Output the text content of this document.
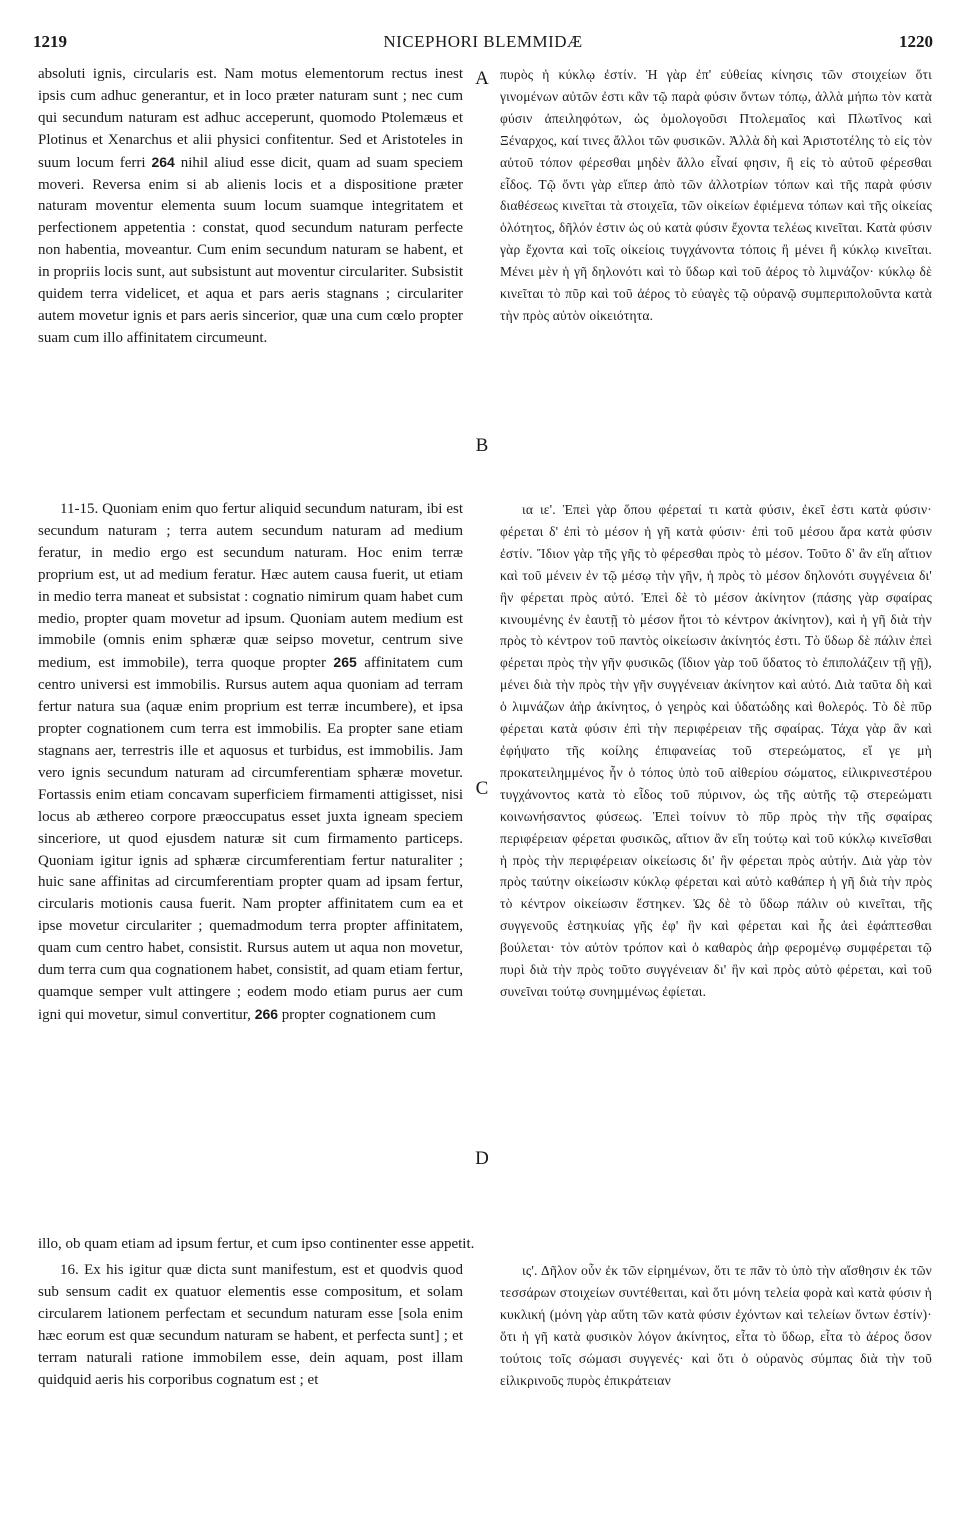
1219	NICEPHORI BLEMMIDÆ	1220

absoluti ignis, circularis est. Nam motus elementorum rectus inest ipsis cum adhuc generantur, et in loco præter naturam sunt ; nec cum qui secundum naturam est adhuc acceperunt, quomodo Ptolemæus et Plotinus et Xenarchus et alii physici confitentur. Sed et Aristoteles in suum locum ferri 264 nihil aliud esse dicit, quam ad suam speciem moveri. Reversa enim si ab alienis locis et a dispositione præter naturam moventur elementa suum locum suamque integritatem et perfectionem appetentia : constat, quod secundum naturam perfecte non habentia, moveantur. Cum enim secundum naturam se habent, et in propriis locis sunt, aut subsistunt aut moventur circulariter. Subsistit quidem terra videlicet, et aqua et pars aeris stagnans ; circulariter autem movetur ignis et pars aeris sincerior, quæ una cum cœlo propter suam cum illo affinitatem circumeunt.

11-15. Quoniam enim quo fertur aliquid secundum naturam, ibi est secundum naturam ; terra autem secundum naturam ad medium feratur, in medio ergo est secundum naturam. Hoc enim terræ proprium est, ut ad medium feratur. Hæc autem causa fuerit, ut etiam in medio terra maneat et subsistat : cognatio nimirum quam habet cum medio, propter quam movetur ad ipsum. Quoniam autem medium est immobile (omnis enim sphæræ quæ seipso movetur, centrum sive medium, est immobile), terra quoque propter 265 affinitatem cum centro universi est immobilis. Rursus autem aqua quoniam ad terram fertur natura sua (aquæ enim proprium est terræ incumbere), et ipsa propter cognationem cum terra est immobilis. Ea propter sane etiam stagnans aer, terrestris ille et aquosus et turbidus, est immobilis. Jam vero ignis secundum naturam ad circumferentiam sphæræ movetur. Fortassis enim etiam concavam superficiem firmamenti attigisset, nisi locus ab æthereo corpore præoccupatus esset juxta igneam speciem sinceriore, ut quod ejusdem naturæ sit cum firmamento particeps. Quoniam igitur ignis ad sphæræ circumferentiam fertur naturaliter ; huic sane affinitas ad circumferentiam propter quam ad ipsam fertur, circularis motionis causa fuerit. Nam propter affinitatem cum ea et ipse movetur circulariter ; quemadmodum terra propter affinitatem, quam cum centro habet, consistit. Rursus autem ut aqua non movetur, dum terra cum qua cognationem habet, consistit, ad quam etiam fertur, quamque semper vult attingere ; eodem modo etiam purus aer cum igni qui movetur, simul convertitur, 266 propter cognationem cum

illo, ob quam etiam ad ipsum fertur, et cum ipso continenter esse appetit.

16. Ex his igitur quæ dicta sunt manifestum, est et quodvis quod sub sensum cadit ex quatuor elementis esse compositum, et solam circularem lationem perfectam et secundum naturam esse [sola enim hæc eorum est quæ secundum naturam se habent, et perfecta sunt] ; et terram naturali ratione immobilem esse, dein aquam, post illam quidquid aeris his corporibus cognatum est ; et

A
B
C
D

πυρὸς ἡ κύκλῳ ἐστίν. Ἡ γὰρ ἐπ' εὐθείας κίνησις τῶν στοιχείων ὅτι γινομένων αὐτῶν ἐστι κἂν τῷ παρὰ φύσιν ὄντων τόπῳ, ἀλλὰ μήπω τὸν κατὰ φύσιν ἀπειληφότων, ὡς ὁμολογοῦσι Πτολεμαῖος καὶ Πλωτῖνος καὶ Ξέναρχος, καί τινες ἄλλοι τῶν φυσικῶν. Ἀλλὰ δὴ καὶ Ἀριστοτέλης τὸ εἰς τὸν αὐτοῦ τόπον φέρεσθαι μηδὲν ἄλλο εἶναί φησιν, ἢ εἰς τὸ αὐτοῦ φέρεσθαι εἶδος. Τῷ ὄντι γὰρ εἴπερ ἀπὸ τῶν ἀλλοτρίων τόπων καὶ τῆς παρὰ φύσιν διαθέσεως κινεῖται τὰ στοιχεῖα, τῶν οἰκείων ἐφιέμενα τόπων καὶ τῆς οἰκείας ὁλότητος, δῆλόν ἐστιν ὡς οὐ κατὰ φύσιν ἔχοντα τελέως κινεῖται. Κατὰ φύσιν γὰρ ἔχοντα καὶ τοῖς οἰκείοις τυγχάνοντα τόποις ἢ μένει ἢ κύκλῳ κινεῖται. Μένει μὲν ἡ γῆ δηλονότι καὶ τὸ ὕδωρ καὶ τοῦ ἀέρος τὸ λιμνάζον· κύκλῳ δὲ κινεῖται τὸ πῦρ καὶ τοῦ ἀέρος τὸ εὐαγὲς τῷ οὐρανῷ συμπεριπολοῦντα κατὰ τὴν πρὸς αὐτὸν οἰκειότητα.

ια ιε'. Ἐπεὶ γὰρ ὅπου φέρεταί τι κατὰ φύσιν, ἐκεῖ ἐστι κατὰ φύσιν· φέρεται δ' ἐπὶ τὸ μέσον ἡ γῆ κατὰ φύσιν· ἐπὶ τοῦ μέσου ἄρα κατὰ φύσιν ἐστίν. Ἴδιον γὰρ τῆς γῆς τὸ φέρεσθαι πρὸς τὸ μέσον. Τοῦτο δ' ἂν εἴη αἴτιον καὶ τοῦ μένειν ἐν τῷ μέσῳ τὴν γῆν, ἡ πρὸς τὸ μέσον δηλονότι συγγένεια δι' ἣν φέρεται πρὸς αὐτό. Ἐπεὶ δὲ τὸ μέσον ἀκίνητον (πάσης γὰρ σφαίρας κινουμένης ἐν ἑαυτῇ τὸ μέσον ἤτοι τὸ κέντρον ἀκίνητον), καὶ ἡ γῆ διὰ τὴν πρὸς τὸ κέντρον τοῦ παντὸς οἰκείωσιν ἀκίνητός ἐστι. Τὸ ὕδωρ δὲ πάλιν ἐπεὶ φέρεται πρὸς τὴν γῆν φυσικῶς (ἴδιον γὰρ τοῦ ὕδατος τὸ ἐπιπολάζειν τῇ γῇ), μένει διὰ τὴν πρὸς τὴν γῆν συγγένειαν ἀκίνητον καὶ αὐτό. Διὰ ταῦτα δὴ καὶ ὁ λιμνάζων ἀὴρ ἀκίνητος, ὁ γεηρὸς καὶ ὑδατώδης καὶ θολερός. Τὸ δὲ πῦρ φέρεται κατὰ φύσιν ἐπὶ τὴν περιφέρειαν τῆς σφαίρας. Τάχα γὰρ ἂν καὶ ἐφήψατο τῆς κοίλης ἐπιφανείας τοῦ στερεώματος, εἴ γε μὴ προκατειλημμένος ἦν ὁ τόπος ὑπὸ τοῦ αἰθερίου σώματος, εἰλικρινεστέρου τυγχάνοντος κατὰ τὸ εἶδος τοῦ πύρινον, ὡς τῆς αὐτῆς τῷ στερεώματι κοινωνήσαντος φύσεως. Ἐπεὶ τοίνυν τὸ πῦρ πρὸς τὴν τῆς σφαίρας περιφέρειαν φέρεται φυσικῶς, αἴτιον ἂν εἴη τούτῳ καὶ τοῦ κύκλῳ κινεῖσθαι ἡ πρὸς τὴν περιφέρειαν οἰκείωσις δι' ἣν φέρεται πρὸς αὐτήν. Διὰ γὰρ τὸν πρὸς ταύτην οἰκείωσιν κύκλῳ φέρεται καὶ αὐτὸ καθάπερ ἡ γῆ διὰ τὴν πρὸς τὸ κέντρον οἰκείωσιν ἕστηκεν. Ὡς δὲ τὸ ὕδωρ πάλιν οὐ κινεῖται, τῆς συγγενοῦς ἑστηκυίας γῆς ἐφ' ἣν καὶ φέρεται καὶ ἧς ἀεὶ ἐφάπτεσθαι βούλεται· τὸν αὐτὸν τρόπον καὶ ὁ καθαρὸς ἀὴρ φερομένῳ συμφέρεται τῷ πυρὶ διὰ τὴν πρὸς τοῦτο συγγένειαν δι' ἣν καὶ πρὸς αὐτὸ φέρεται, καὶ τοῦ συνεῖναι τούτῳ συνημμένως ἐφίεται.

ις'. Δῆλον οὖν ἐκ τῶν εἰρημένων, ὅτι τε πᾶν τὸ ὑπὸ τὴν αἴσθησιν ἐκ τῶν τεσσάρων στοιχείων συντέθειται, καὶ ὅτι μόνη τελεία φορὰ καὶ κατὰ φύσιν ἡ κυκλική (μόνη γὰρ αὕτη τῶν κατὰ φύσιν ἐχόντων καὶ τελείων ὄντων ἐστίν)· ὅτι ἡ γῆ κατὰ φυσικὸν λόγον ἀκίνητος, εἶτα τὸ ὕδωρ, εἶτα τὸ ἀέρος ὅσον τούτοις τοῖς σώμασι συγγενές· καὶ ὅτι ὁ οὐρανὸς σύμπας διὰ τὴν τοῦ εἰλικρινοῦς πυρὸς ἐπικράτειαν
